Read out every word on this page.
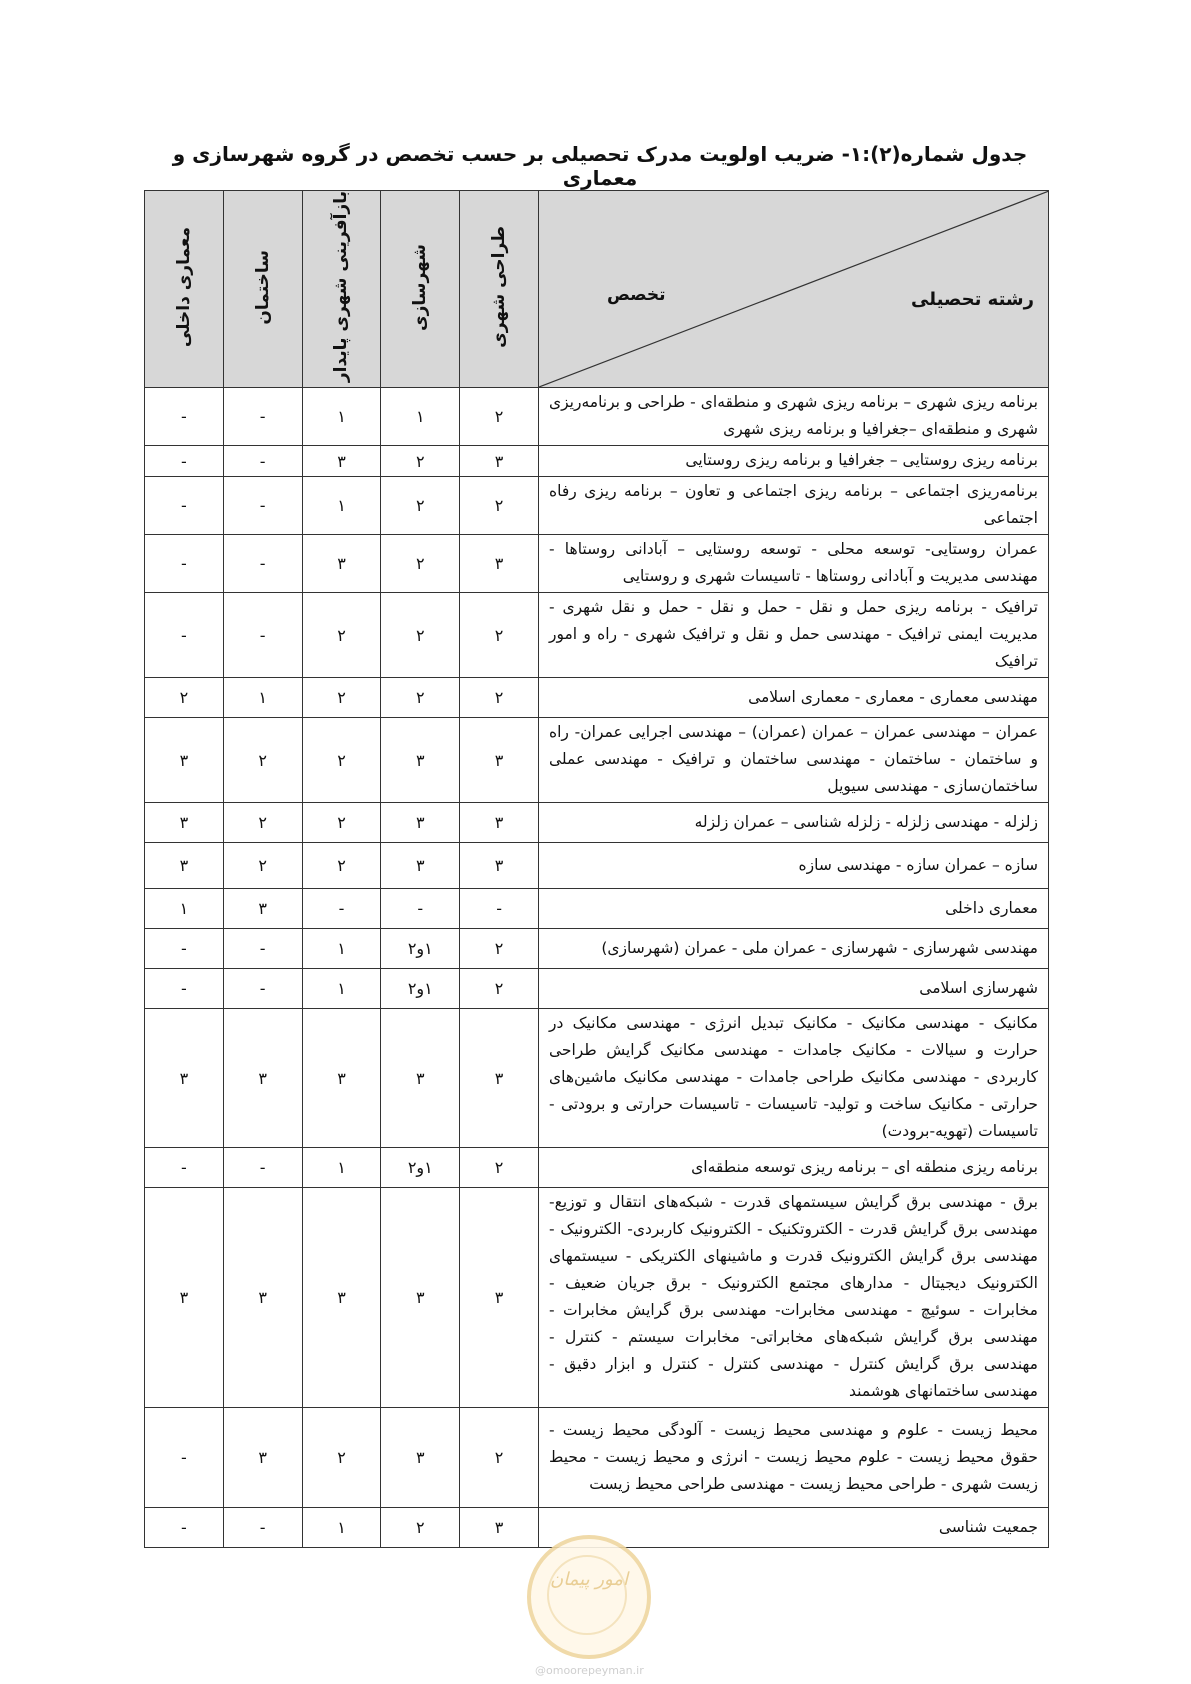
جدول شماره(۲):۱- ضریب اولویت مدرک تحصیلی بر حسب تخصص در گروه شهرسازی و معماری
رشته تحصیلی
تخصص	طراحی شهری	شهرسازی	بازآفرینی شهری پایدار	ساختمان	معماری داخلی
برنامه ریزی شهری – برنامه ریزی شهری و منطقه‌ای - طراحی و برنامه‌ریزی شهری و منطقه‌ای –جغرافیا و برنامه ریزی شهری	۲	۱	۱	-	-
برنامه ریزی روستایی – جغرافیا و برنامه ریزی روستایی	۳	۲	۳	-	-
برنامه‌ریزی اجتماعی – برنامه ریزی اجتماعی و تعاون – برنامه ریزی رفاه اجتماعی	۲	۲	۱	-	-
عمران روستایی- توسعه محلی - توسعه روستایی – آبادانی روستاها - مهندسی مدیریت و آبادانی روستاها - تاسیسات شهری و روستایی	۳	۲	۳	-	-
ترافیک - برنامه ریزی حمل و نقل - حمل و نقل - حمل و نقل شهری - مدیریت ایمنی ترافیک - مهندسی حمل و نقل و ترافیک شهری - راه و امور ترافیک	۲	۲	۲	-	-
مهندسی معماری - معماری - معماری اسلامی	۲	۲	۲	۱	۲
عمران – مهندسی عمران – عمران (عمران) – مهندسی اجرایی عمران- راه و ساختمان - ساختمان - مهندسی ساختمان و ترافیک - مهندسی عملی ساختمان‌سازی - مهندسی سیویل	۳	۳	۲	۲	۳
زلزله - مهندسی زلزله - زلزله شناسی – عمران زلزله	۳	۳	۲	۲	۳
سازه – عمران سازه - مهندسی سازه	۳	۳	۲	۲	۳
معماری داخلی	-	-	-	۳	۱
مهندسی شهرسازی - شهرسازی - عمران ملی - عمران (شهرسازی)	۲	۱و۲	۱	-	-
شهرسازی اسلامی	۲	۱و۲	۱	-	-
مکانیک - مهندسی مکانیک - مکانیک تبدیل انرژی - مهندسی مکانیک در حرارت و سیالات - مکانیک جامدات - مهندسی مکانیک گرایش طراحی کاربردی - مهندسی مکانیک طراحی جامدات - مهندسی مکانیک ماشین‌های حرارتی - مکانیک ساخت و تولید- تاسیسات - تاسیسات حرارتی و برودتی - تاسیسات (تهویه-برودت)	۳	۳	۳	۳	۳
برنامه ریزی منطقه ای – برنامه ریزی توسعه منطقه‌ای	۲	۱و۲	۱	-	-
برق - مهندسی برق گرایش سیستمهای قدرت - شبکه‌های انتقال و توزیع- مهندسی برق گرایش قدرت - الکتروتکنیک - الکترونیک کاربردی- الکترونیک - مهندسی برق گرایش الکترونیک قدرت و ماشینهای الکتریکی - سیستمهای الکترونیک دیجیتال - مدارهای مجتمع الکترونیک - برق جریان ضعیف - مخابرات - سوئیچ - مهندسی مخابرات- مهندسی برق گرایش مخابرات - مهندسی برق گرایش شبکه‌های مخابراتی- مخابرات سیستم - کنترل - مهندسی برق گرایش کنترل - مهندسی کنترل - کنترل و ابزار دقیق - مهندسی ساختمانهای هوشمند	۳	۳	۳	۳	۳
محیط زیست - علوم و مهندسی محیط زیست - آلودگی محیط زیست - حقوق محیط زیست - علوم محیط زیست - انرژی و محیط زیست - محیط زیست شهری - طراحی محیط زیست - مهندسی طراحی محیط زیست	۲	۳	۲	۳	-
جمعیت شناسی	۳	۲	۱	-	-
امور پیمان
@omoorepeyman.ir
